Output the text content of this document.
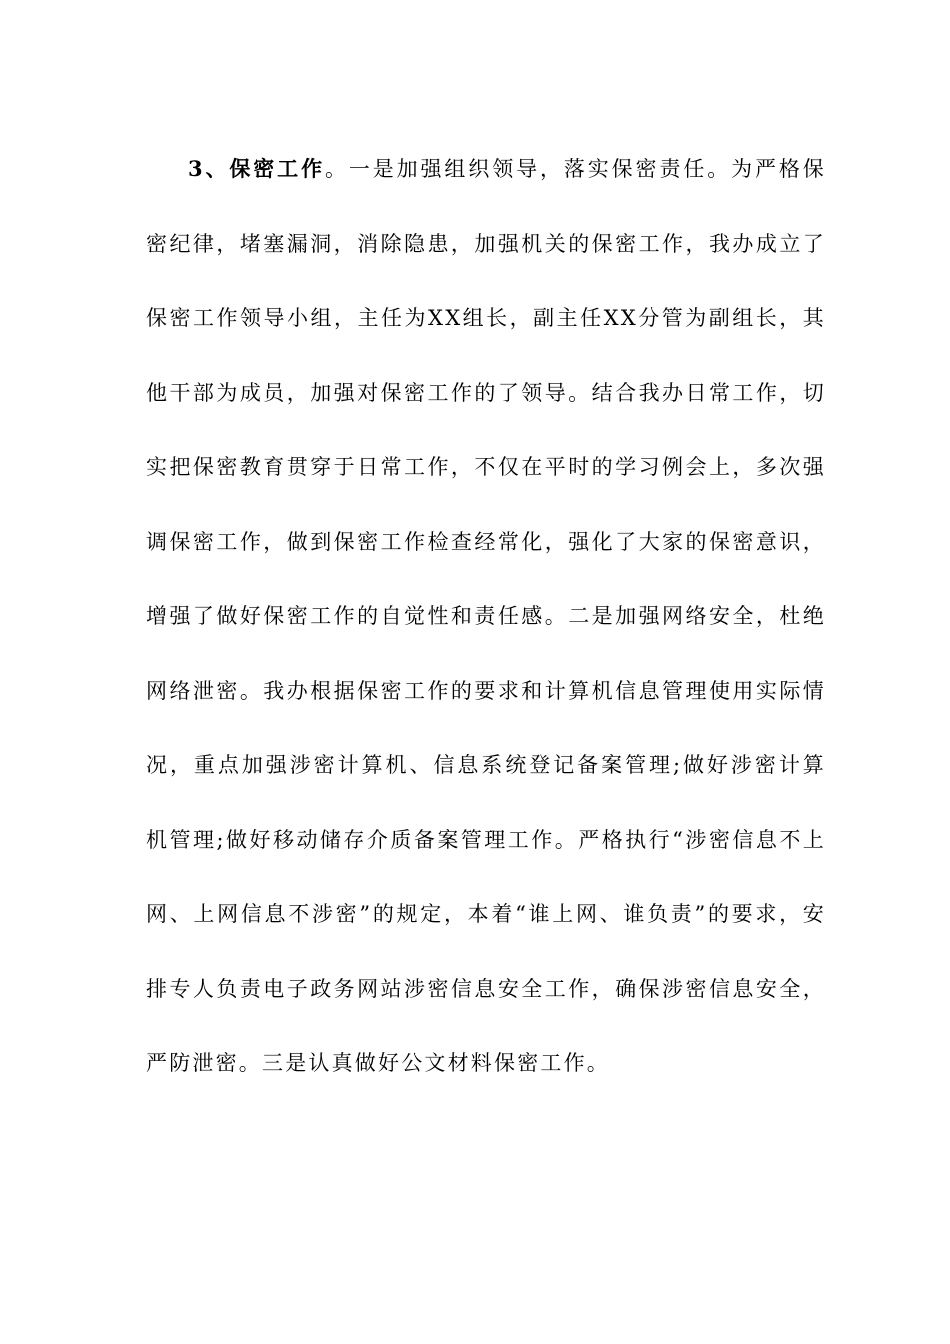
3、保密工作。一是加强组织领导，落实保密责任。为严格保密纪律，堵塞漏洞，消除隐患，加强机关的保密工作，我办成立了保密工作领导小组，主任为XX组长，副主任XX分管为副组长，其他干部为成员，加强对保密工作的了领导。结合我办日常工作，切实把保密教育贯穿于日常工作，不仅在平时的学习例会上，多次强调保密工作，做到保密工作检查经常化，强化了大家的保密意识，增强了做好保密工作的自觉性和责任感。二是加强网络安全，杜绝网络泄密。我办根据保密工作的要求和计算机信息管理使用实际情况，重点加强涉密计算机、信息系统登记备案管理;做好涉密计算机管理;做好移动储存介质备案管理工作。严格执行“涉密信息不上网、上网信息不涉密”的规定，本着“谁上网、谁负责”的要求，安排专人负责电子政务网站涉密信息安全工作，确保涉密信息安全，严防泄密。三是认真做好公文材料保密工作。
